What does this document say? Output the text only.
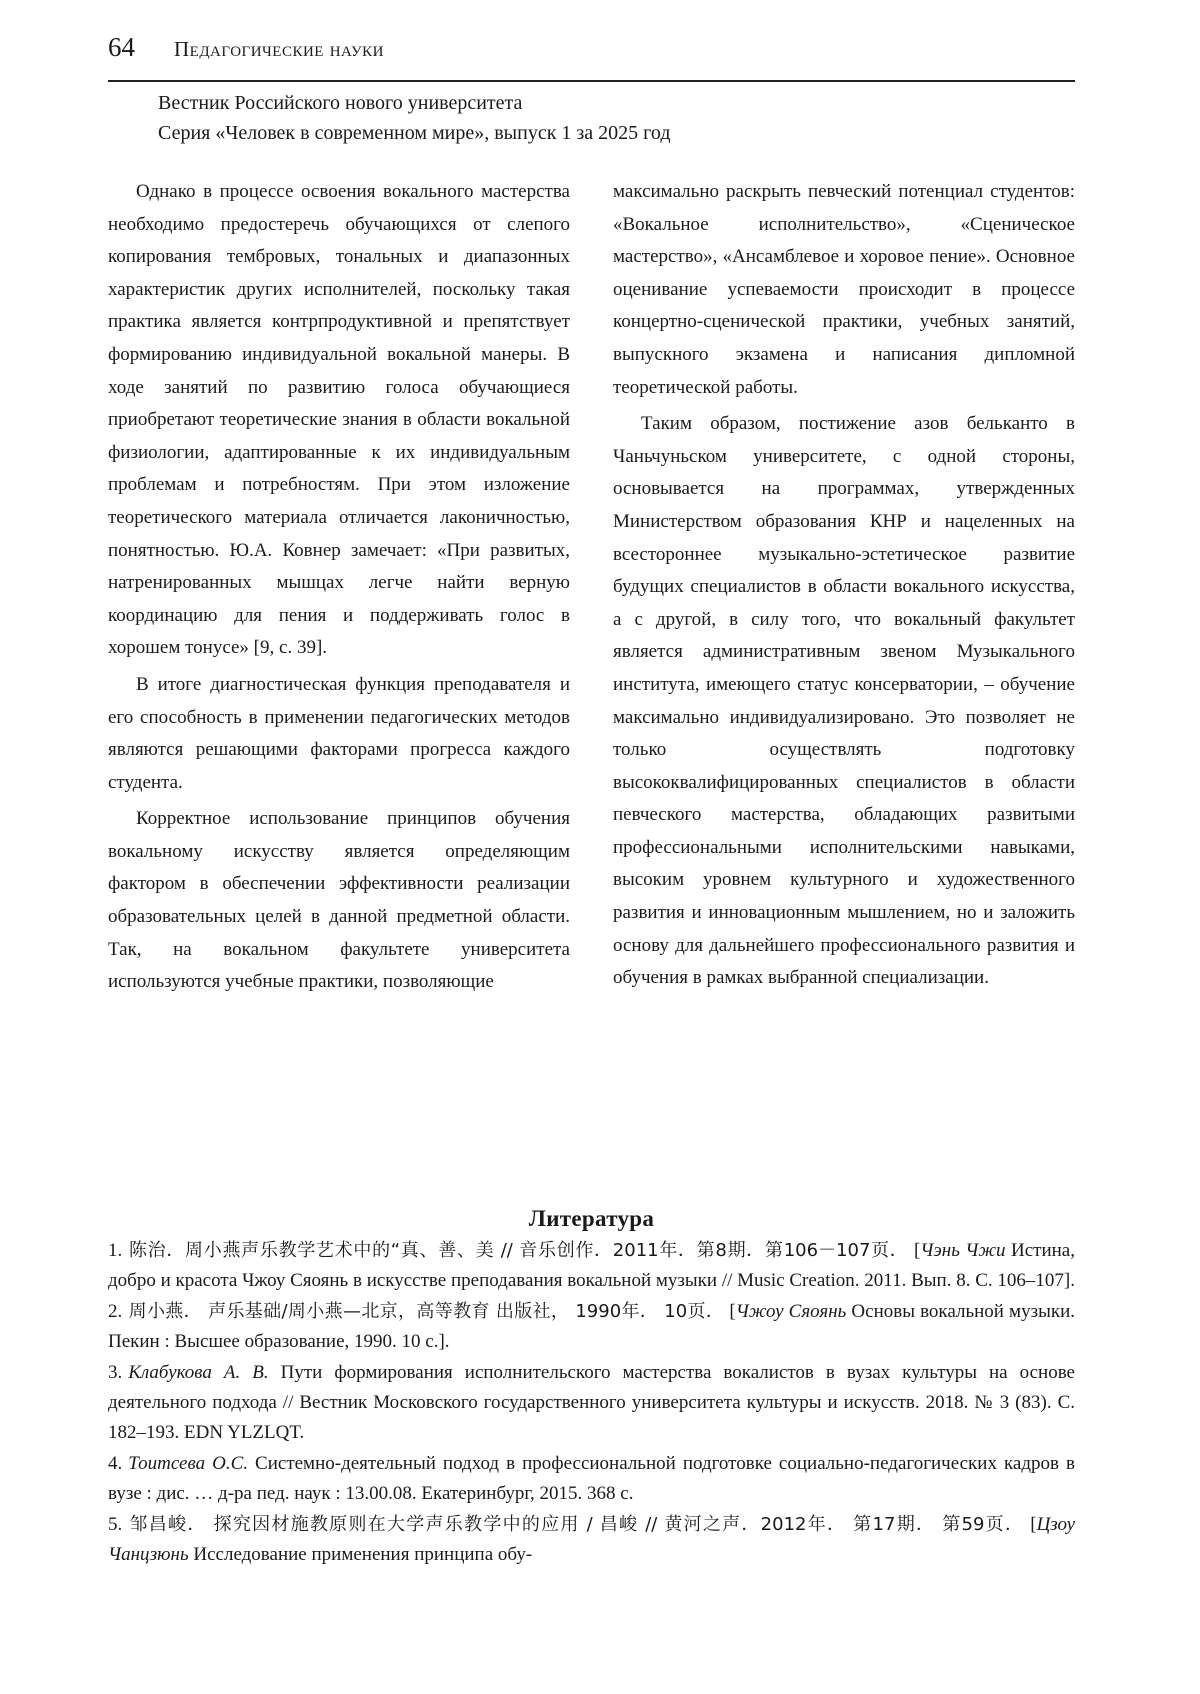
64 Педагогические науки
Вестник Российского нового университета
Серия «Человек в современном мире», выпуск 1 за 2025 год

Однако в процессе освоения вокального мастерства необходимо предостеречь обучающихся от слепого копирования тембровых, тональных и диапазонных характеристик других исполнителей, поскольку такая практика является контрпродуктивной и препятствует формированию индивидуальной вокальной манеры. В ходе занятий по развитию голоса обучающиеся приобретают теоретические знания в области вокальной физиологии, адаптированные к их индивидуальным проблемам и потребностям. При этом изложение теоретического материала отличается лаконичностью, понятностью. Ю.А. Ковнер замечает: «При развитых, натренированных мышцах легче найти верную координацию для пения и поддерживать голос в хорошем тонусе» [9, с. 39].

В итоге диагностическая функция преподавателя и его способность в применении педагогических методов являются решающими факторами прогресса каждого студента.

Корректное использование принципов обучения вокальному искусству является определяющим фактором в обеспечении эффективности реализации образовательных целей в данной предметной области. Так, на вокальном факультете университета используются учебные практики, позволяющие

максимально раскрыть певческий потенциал студентов: «Вокальное исполнительство», «Сценическое мастерство», «Ансамблевое и хоровое пение». Основное оценивание успеваемости происходит в процессе концертно-сценической практики, учебных занятий, выпускного экзамена и написания дипломной теоретической работы.

Таким образом, постижение азов бельканто в Чаньчуньском университете, с одной стороны, основывается на программах, утвержденных Министерством образования КНР и нацеленных на всестороннее музыкально-эстетическое развитие будущих специалистов в области вокального искусства, а с другой, в силу того, что вокальный факультет является административным звеном Музыкального института, имеющего статус консерватории, – обучение максимально индивидуализировано. Это позволяет не только осуществлять подготовку высококвалифицированных специалистов в области певческого мастерства, обладающих развитыми профессиональными исполнительскими навыками, высоким уровнем культурного и художественного развития и инновационным мышлением, но и заложить основу для дальнейшего профессионального развития и обучения в рамках выбранной специализации.

Литература
1. 陈治．周小燕声乐教学艺术中的“真、善、美 // 音乐创作．2011年．第8期．第106－107页． [Чэнь Чжи Истина, добро и красота Чжоу Сяоянь в искусстве преподавания вокальной музыки // Music Creation. 2011. Вып. 8. С. 106–107].
2. 周小燕． 声乐基础/周小燕—北京，高等教育 出版社， 1990年． 10页． [Чжоу Сяоянь Основы вокальной музыки. Пекин : Высшее образование, 1990. 10 с.].
3. Клабукова А. В. Пути формирования исполнительского мастерства вокалистов в вузах культуры на основе деятельного подхода // Вестник Московского государственного университета культуры и искусств. 2018. № 3 (83). С. 182–193. EDN YLZLQT.
4. Тоитсева О.С. Системно-деятельный подход в профессиональной подготовке социально-педагогических кадров в вузе : дис. … д-ра пед. наук : 13.00.08. Екатеринбург, 2015. 368 с.
5. 邹昌峻． 探究因材施教原则在大学声乐教学中的应用 / 昌峻 // 黄河之声．2012年． 第17期． 第59页． [Цзоу Чанцзюнь Исследование применения принципа обу-
